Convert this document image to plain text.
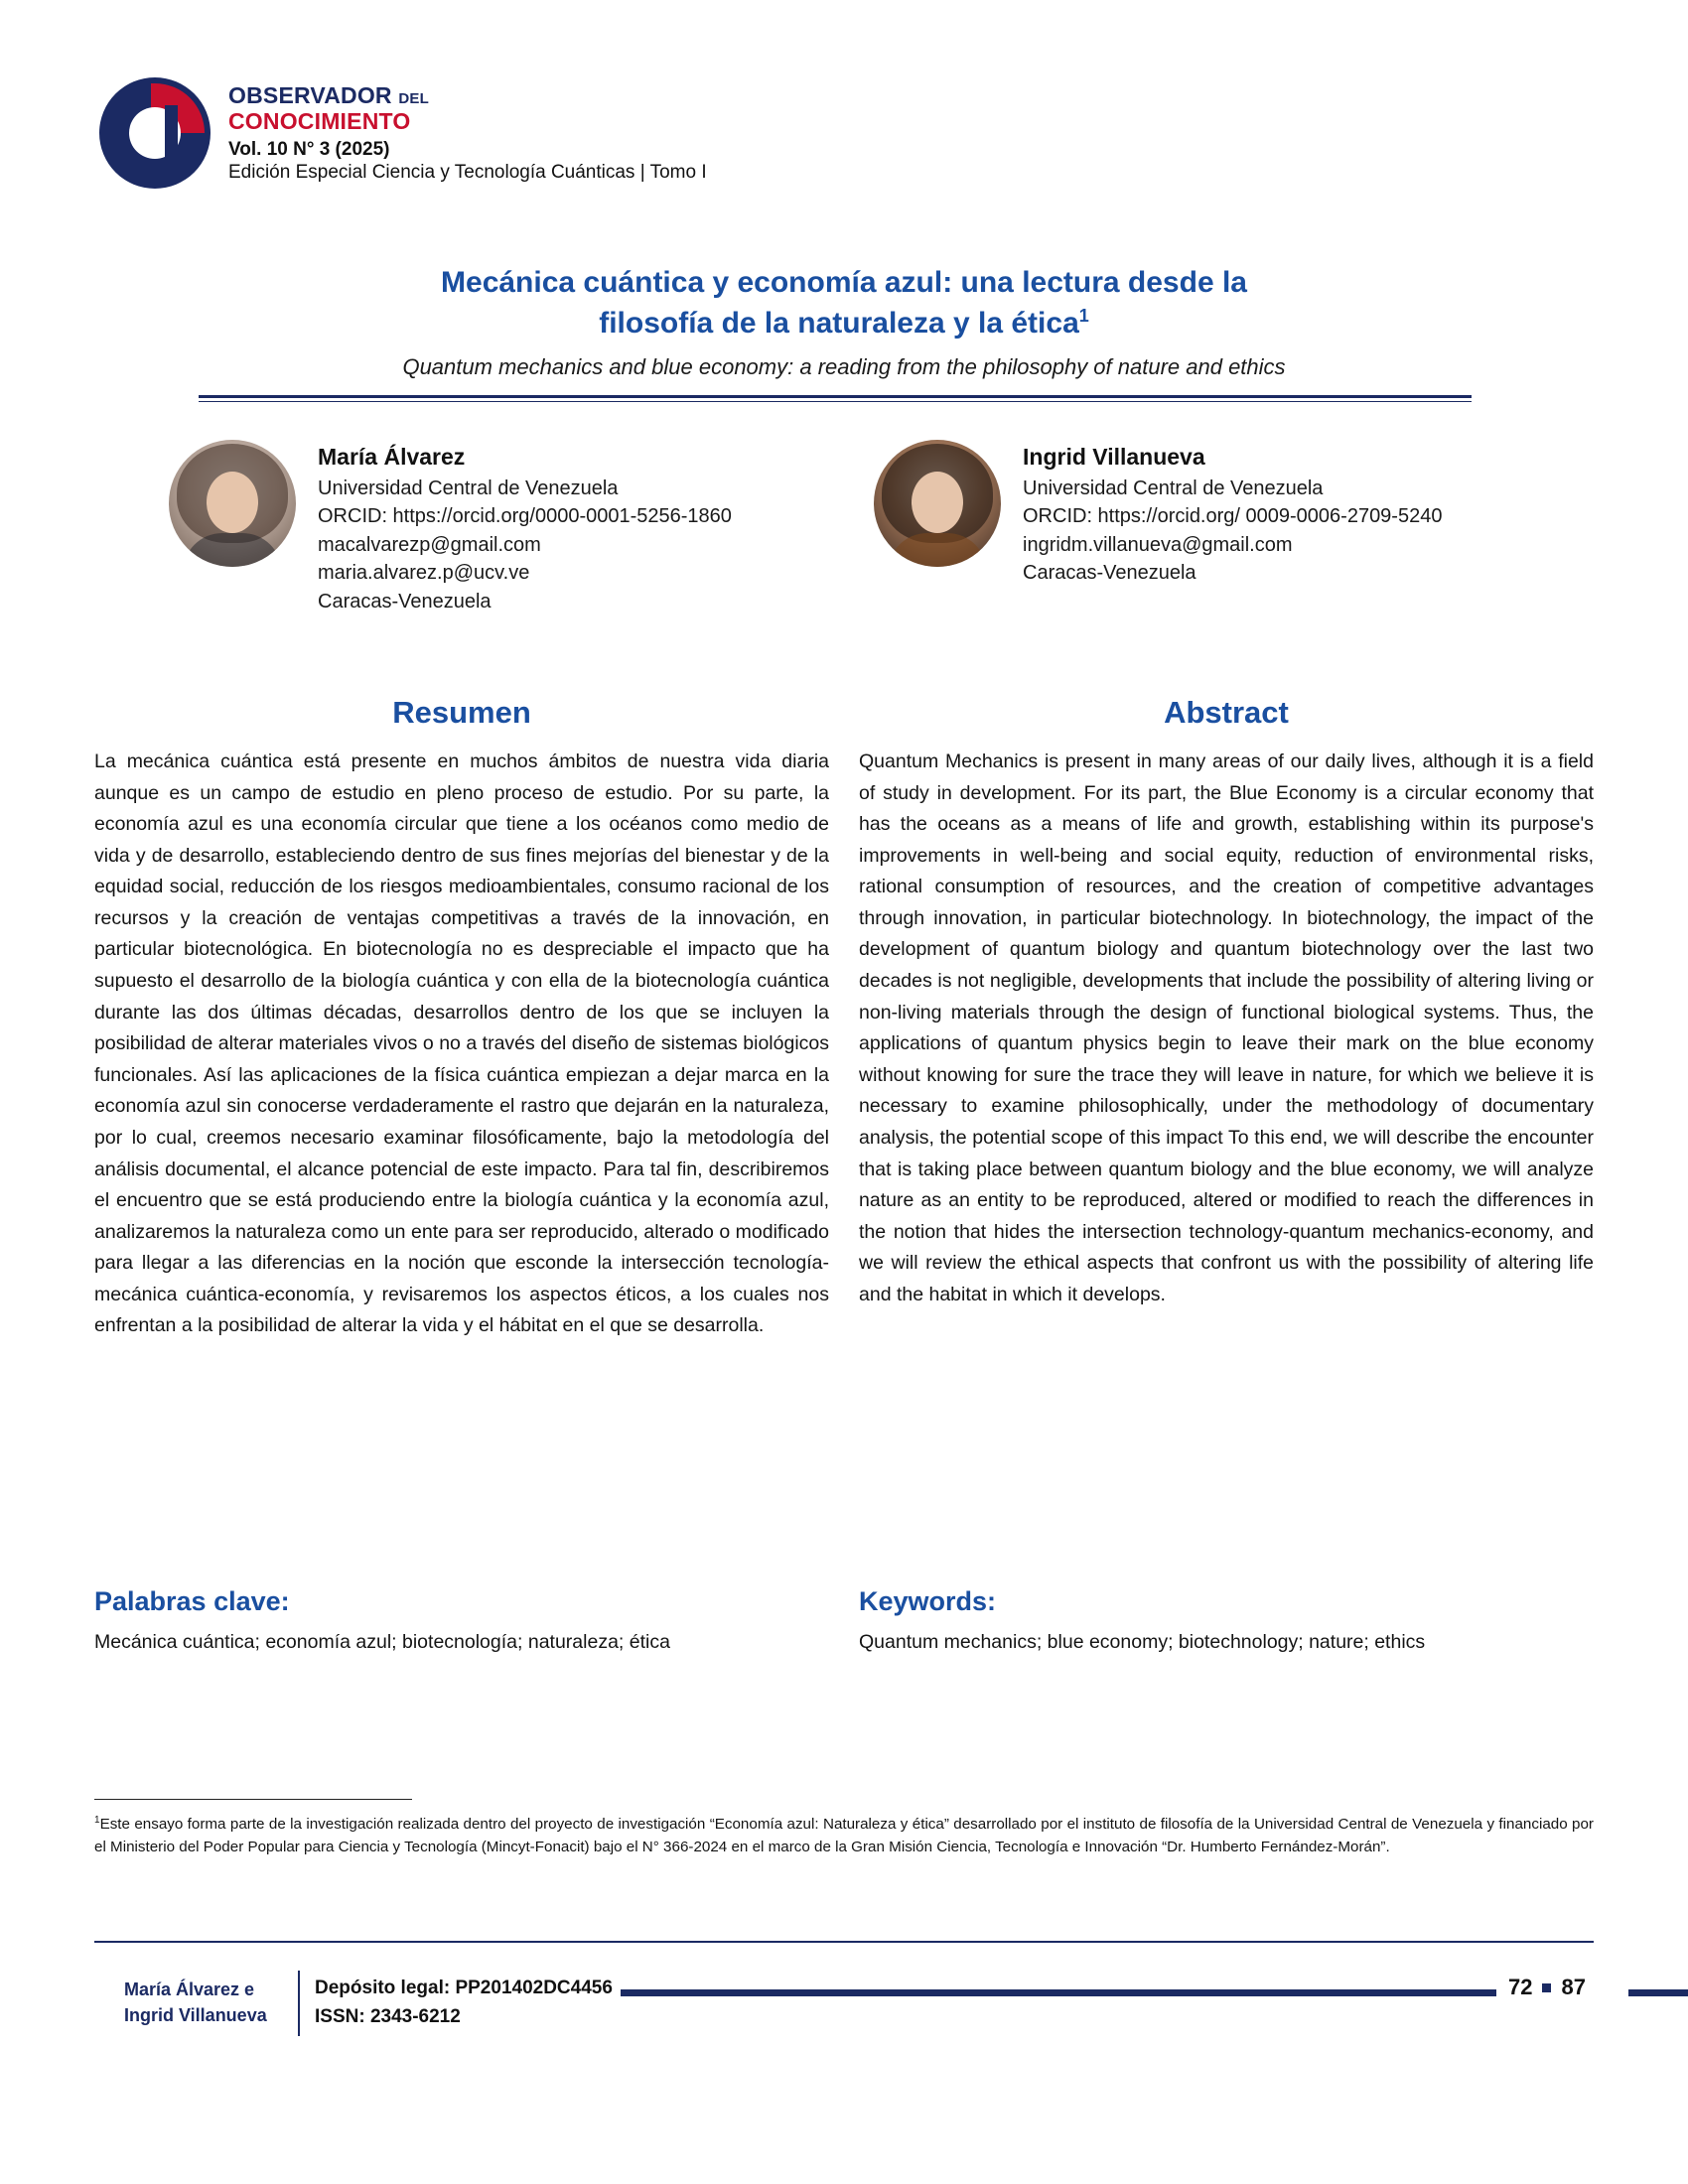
OBSERVADOR DEL
CONOCIMIENTO
Vol. 10 N° 3 (2025)
Edición Especial Ciencia y Tecnología Cuánticas | Tomo I
Mecánica cuántica y economía azul: una lectura desde la
filosofía de la naturaleza y la ética$^1$
Quantum mechanics and blue economy: a reading from the philosophy of nature and ethics
María Álvarez
Universidad Central de Venezuela
ORCID: https://orcid.org/0000-0001-5256-1860
macalvarezp@gmail.com
maria.alvarez.p@ucv.ve
Caracas-Venezuela
Ingrid Villanueva
Universidad Central de Venezuela
ORCID: https://orcid.org/ 0009-0006-2709-5240
ingridm.villanueva@gmail.com
Caracas-Venezuela
Resumen
La mecánica cuántica está presente en muchos ámbitos de nuestra vida diaria aunque es un campo de estudio en pleno proceso de estudio. Por su parte, la economía azul es una economía circular que tiene a los océanos como medio de vida y de desarrollo, estableciendo dentro de sus fines mejorías del bienestar y de la equidad social, reducción de los riesgos medioambientales, consumo racional de los recursos y la creación de ventajas competitivas a través de la innovación, en particular biotecnológica. En biotecnología no es despreciable el impacto que ha supuesto el desarrollo de la biología cuántica y con ella de la biotecnología cuántica durante las dos últimas décadas, desarrollos dentro de los que se incluyen la posibilidad de alterar materiales vivos o no a través del diseño de sistemas biológicos funcionales. Así las aplicaciones de la física cuántica empiezan a dejar marca en la economía azul sin conocerse verdaderamente el rastro que dejarán en la naturaleza, por lo cual, creemos necesario examinar filosóficamente, bajo la metodología del análisis documental, el alcance potencial de este impacto. Para tal fin, describiremos el encuentro que se está produciendo entre la biología cuántica y la economía azul, analizaremos la naturaleza como un ente para ser reproducido, alterado o modificado para llegar a las diferencias en la noción que esconde la intersección tecnología-mecánica cuántica-economía, y revisaremos los aspectos éticos, a los cuales nos enfrentan a la posibilidad de alterar la vida y el hábitat en el que se desarrolla.
Abstract
Quantum Mechanics is present in many areas of our daily lives, although it is a field of study in development. For its part, the Blue Economy is a circular economy that has the oceans as a means of life and growth, establishing within its purpose's improvements in well-being and social equity, reduction of environmental risks, rational consumption of resources, and the creation of competitive advantages through innovation, in particular biotechnology. In biotechnology, the impact of the development of quantum biology and quantum biotechnology over the last two decades is not negligible, developments that include the possibility of altering living or non-living materials through the design of functional biological systems. Thus, the applications of quantum physics begin to leave their mark on the blue economy without knowing for sure the trace they will leave in nature, for which we believe it is necessary to examine philosophically, under the methodology of documentary analysis, the potential scope of this impact To this end, we will describe the encounter that is taking place between quantum biology and the blue economy, we will analyze nature as an entity to be reproduced, altered or modified to reach the differences in the notion that hides the intersection technology-quantum mechanics-economy, and we will review the ethical aspects that confront us with the possibility of altering life and the habitat in which it develops.
Palabras clave:
Mecánica cuántica; economía azul; biotecnología; naturaleza; ética
Keywords:
Quantum mechanics; blue economy; biotechnology; nature; ethics
$^1$Este ensayo forma parte de la investigación realizada dentro del proyecto de investigación “Economía azul: Naturaleza y ética” desarrollado por el instituto de filosofía de la Universidad Central de Venezuela y financiado por el Ministerio del Poder Popular para Ciencia y Tecnología (Mincyt-Fonacit) bajo el N° 366-2024 en el marco de la Gran Misión Ciencia, Tecnología e Innovación “Dr. Humberto Fernández-Morán”.
María Álvarez e
Ingrid Villanueva
Depósito legal: PP201402DC4456
ISSN: 2343-6212
72 87
